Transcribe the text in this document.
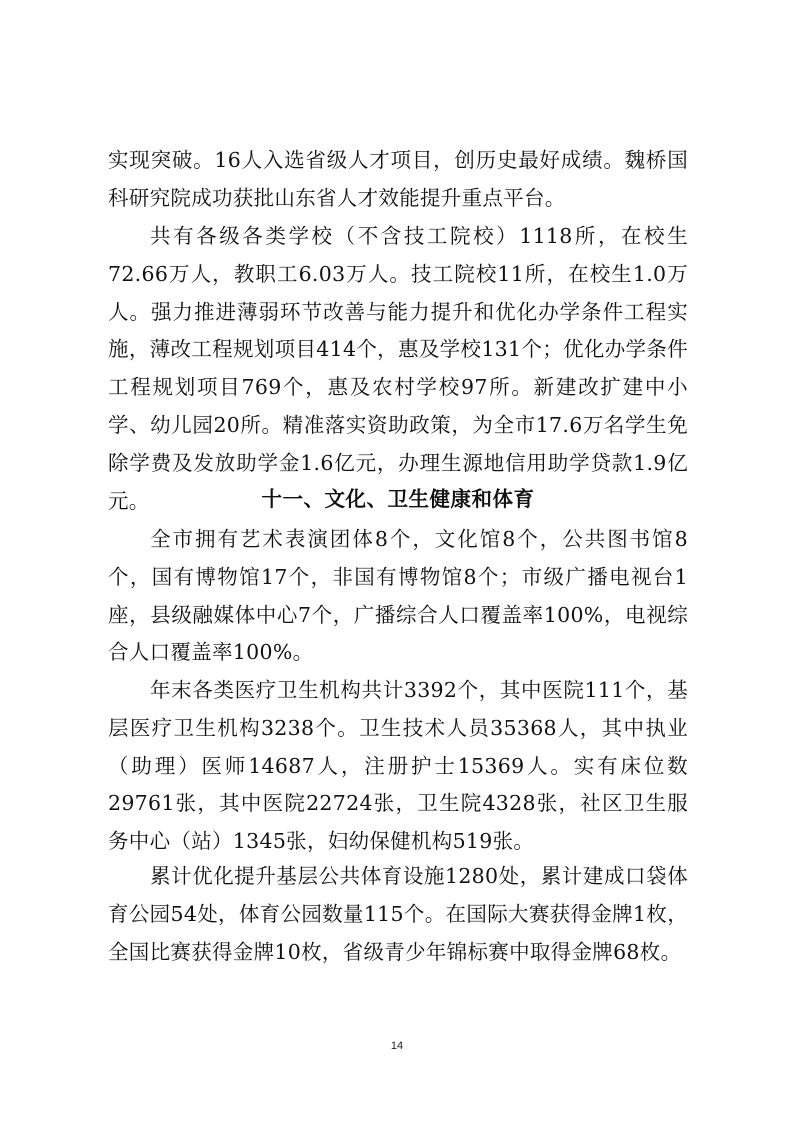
实现突破。16人入选省级人才项目，创历史最好成绩。魏桥国科研究院成功获批山东省人才效能提升重点平台。

共有各级各类学校（不含技工院校）1118所，在校生72.66万人，教职工6.03万人。技工院校11所，在校生1.0万人。强力推进薄弱环节改善与能力提升和优化办学条件工程实施，薄改工程规划项目414个，惠及学校131个；优化办学条件工程规划项目769个，惠及农村学校97所。新建改扩建中小学、幼儿园20所。精准落实资助政策，为全市17.6万名学生免除学费及发放助学金1.6亿元，办理生源地信用助学贷款1.9亿元。	十一、文化、卫生健康和体育

全市拥有艺术表演团体8个，文化馆8个，公共图书馆8个，国有博物馆17个，非国有博物馆8个；市级广播电视台1座，县级融媒体中心7个，广播综合人口覆盖率100%，电视综合人口覆盖率100%。

年末各类医疗卫生机构共计3392个，其中医院111个，基层医疗卫生机构3238个。卫生技术人员35368人，其中执业（助理）医师14687人，注册护士15369人。实有床位数29761张，其中医院22724张，卫生院4328张，社区卫生服务中心（站）1345张，妇幼保健机构519张。

累计优化提升基层公共体育设施1280处，累计建成口袋体育公园54处，体育公园数量115个。在国际大赛获得金牌1枚，全国比赛获得金牌10枚，省级青少年锦标赛中取得金牌68枚。

14
